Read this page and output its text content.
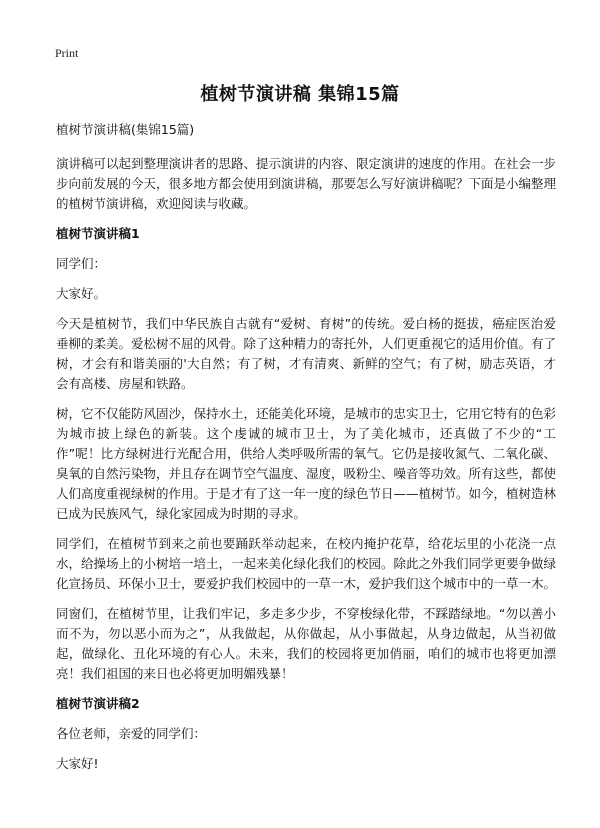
Print
植树节演讲稿 集锦15篇

植树节演讲稿(集锦15篇)

演讲稿可以起到整理演讲者的思路、提示演讲的内容、限定演讲的速度的作用。在社会一步步向前发展的今天，很多地方都会使用到演讲稿，那要怎么写好演讲稿呢？下面是小编整理的植树节演讲稿，欢迎阅读与收藏。

植树节演讲稿1

同学们：

大家好。

今天是植树节，我们中华民族自古就有“爱树、育树”的传统。爱白杨的挺拔，癌症医治爱垂柳的柔美。爱松树不屈的风骨。除了这种精力的寄托外，人们更重视它的适用价值。有了树，才会有和谐美丽的'大自然；有了树，才有清爽、新鲜的空气；有了树，励志英语，才会有高楼、房屋和铁路。

树，它不仅能防风固沙，保持水土，还能美化环境，是城市的忠实卫士，它用它特有的色彩为城市披上绿色的新装。这个虔诚的城市卫士，为了美化城市，还真做了不少的“工作”呢！比方绿树进行光配合用，供给人类呼吸所需的氧气。它仍是接收氮气、二氧化碳、臭氧的自然污染物，并且存在调节空气温度、湿度，吸粉尘、噪音等功效。所有这些，都使人们高度重视绿树的作用。于是才有了这一年一度的绿色节日——植树节。如今，植树造林已成为民族风气，绿化家园成为时期的寻求。

同学们，在植树节到来之前也要踊跃举动起来，在校内掩护花草，给花坛里的小花浇一点水，给操场上的小树培一培土，一起来美化绿化我们的校园。除此之外我们同学更要争做绿化宣扬员、环保小卫士，要爱护我们校园中的一草一木，爱护我们这个城市中的一草一木。

同窗们，在植树节里，让我们牢记，多走多少步，不穿梭绿化带，不踩踏绿地。“勿以善小而不为，勿以恶小而为之”，从我做起，从你做起，从小事做起，从身边做起，从当初做起，做绿化、丑化环境的有心人。未来，我们的校园将更加俏丽，咱们的城市也将更加漂亮！我们祖国的来日也必将更加明媚残暴！

植树节演讲稿2

各位老师，亲爱的同学们：

大家好!
